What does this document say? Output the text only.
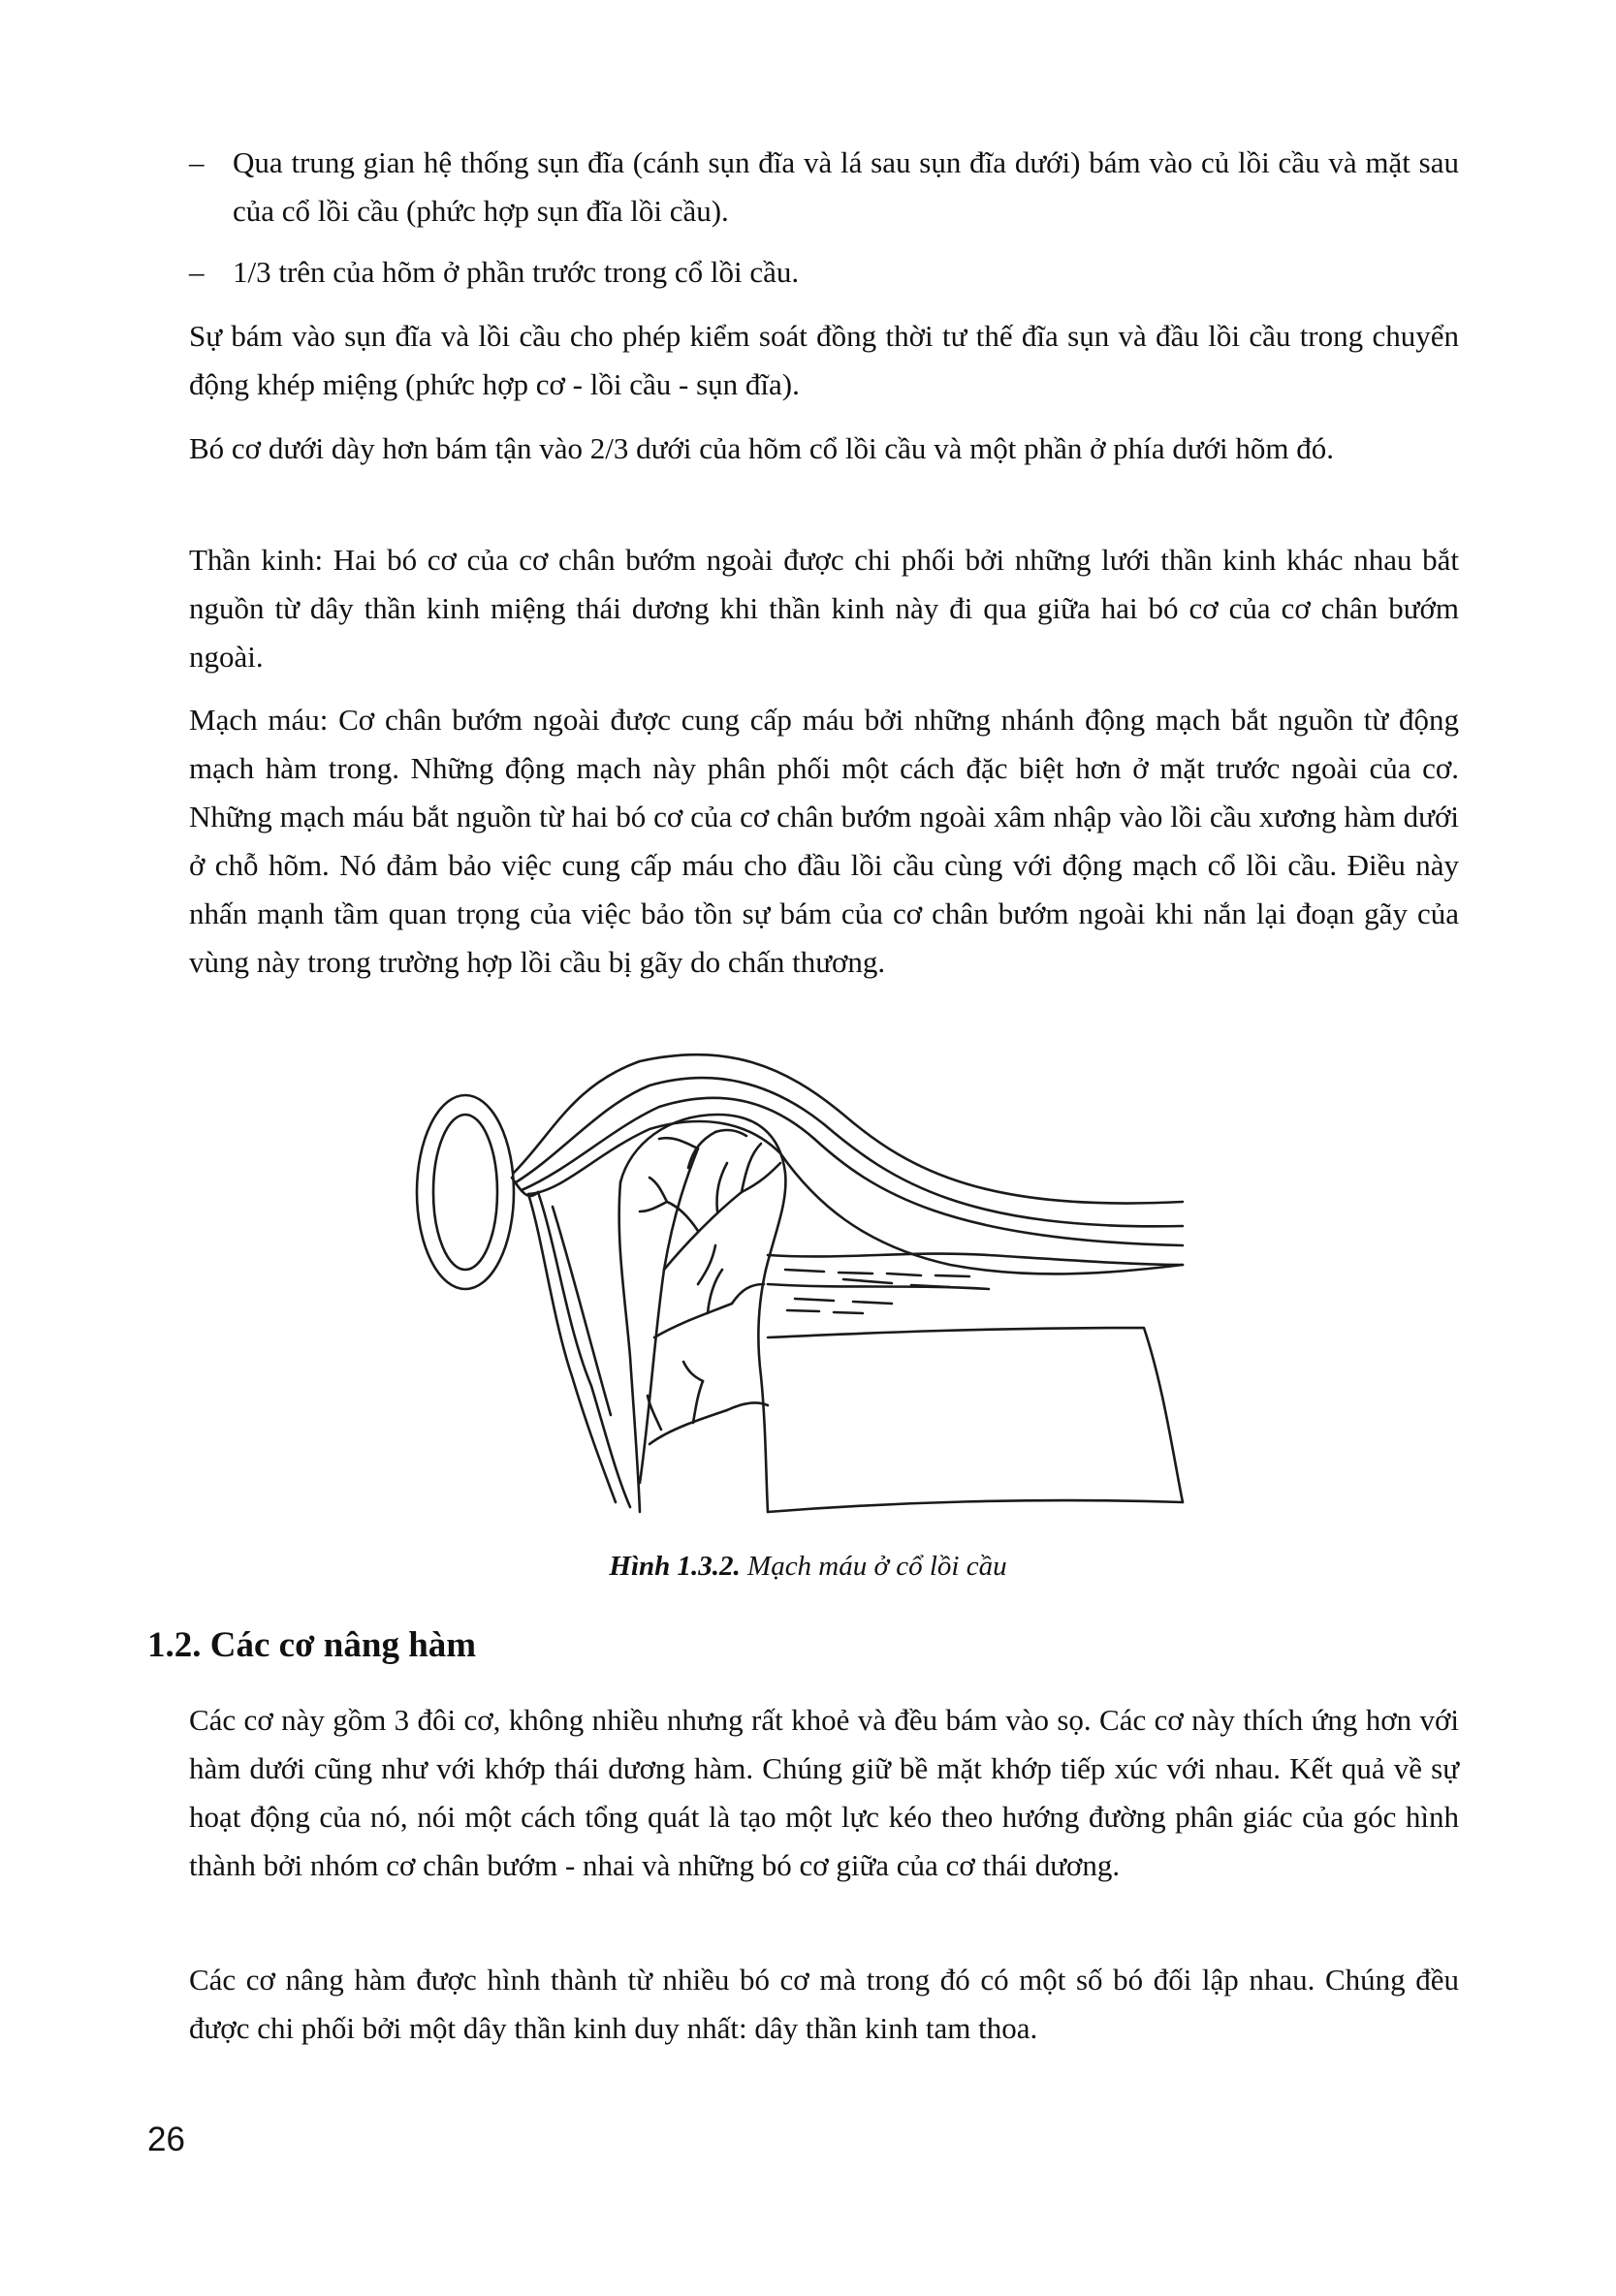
– Qua trung gian hệ thống sụn đĩa (cánh sụn đĩa và lá sau sụn đĩa dưới) bám vào củ lồi cầu và mặt sau của cổ lồi cầu (phức hợp sụn đĩa lồi cầu).
– 1/3 trên của hõm ở phần trước trong cổ lồi cầu.
Sự bám vào sụn đĩa và lồi cầu cho phép kiểm soát đồng thời tư thế đĩa sụn và đầu lồi cầu trong chuyển động khép miệng (phức hợp cơ - lồi cầu - sụn đĩa).
Bó cơ dưới dày hơn bám tận vào 2/3 dưới của hõm cổ lồi cầu và một phần ở phía dưới hõm đó.
Thần kinh: Hai bó cơ của cơ chân bướm ngoài được chi phối bởi những lưới thần kinh khác nhau bắt nguồn từ dây thần kinh miệng thái dương khi thần kinh này đi qua giữa hai bó cơ của cơ chân bướm ngoài.
Mạch máu: Cơ chân bướm ngoài được cung cấp máu bởi những nhánh động mạch bắt nguồn từ động mạch hàm trong. Những động mạch này phân phối một cách đặc biệt hơn ở mặt trước ngoài của cơ. Những mạch máu bắt nguồn từ hai bó cơ của cơ chân bướm ngoài xâm nhập vào lồi cầu xương hàm dưới ở chỗ hõm. Nó đảm bảo việc cung cấp máu cho đầu lồi cầu cùng với động mạch cổ lồi cầu. Điều này nhấn mạnh tầm quan trọng của việc bảo tồn sự bám của cơ chân bướm ngoài khi nắn lại đoạn gãy của vùng này trong trường hợp lồi cầu bị gãy do chấn thương.
Hình 1.3.2. Mạch máu ở cổ lồi cầu
1.2. Các cơ nâng hàm
Các cơ này gồm 3 đôi cơ, không nhiều nhưng rất khoẻ và đều bám vào sọ. Các cơ này thích ứng hơn với hàm dưới cũng như với khớp thái dương hàm. Chúng giữ bề mặt khớp tiếp xúc với nhau. Kết quả về sự hoạt động của nó, nói một cách tổng quát là tạo một lực kéo theo hướng đường phân giác của góc hình thành bởi nhóm cơ chân bướm - nhai và những bó cơ giữa của cơ thái dương.
Các cơ nâng hàm được hình thành từ nhiều bó cơ mà trong đó có một số bó đối lập nhau. Chúng đều được chi phối bởi một dây thần kinh duy nhất: dây thần kinh tam thoa.
26
